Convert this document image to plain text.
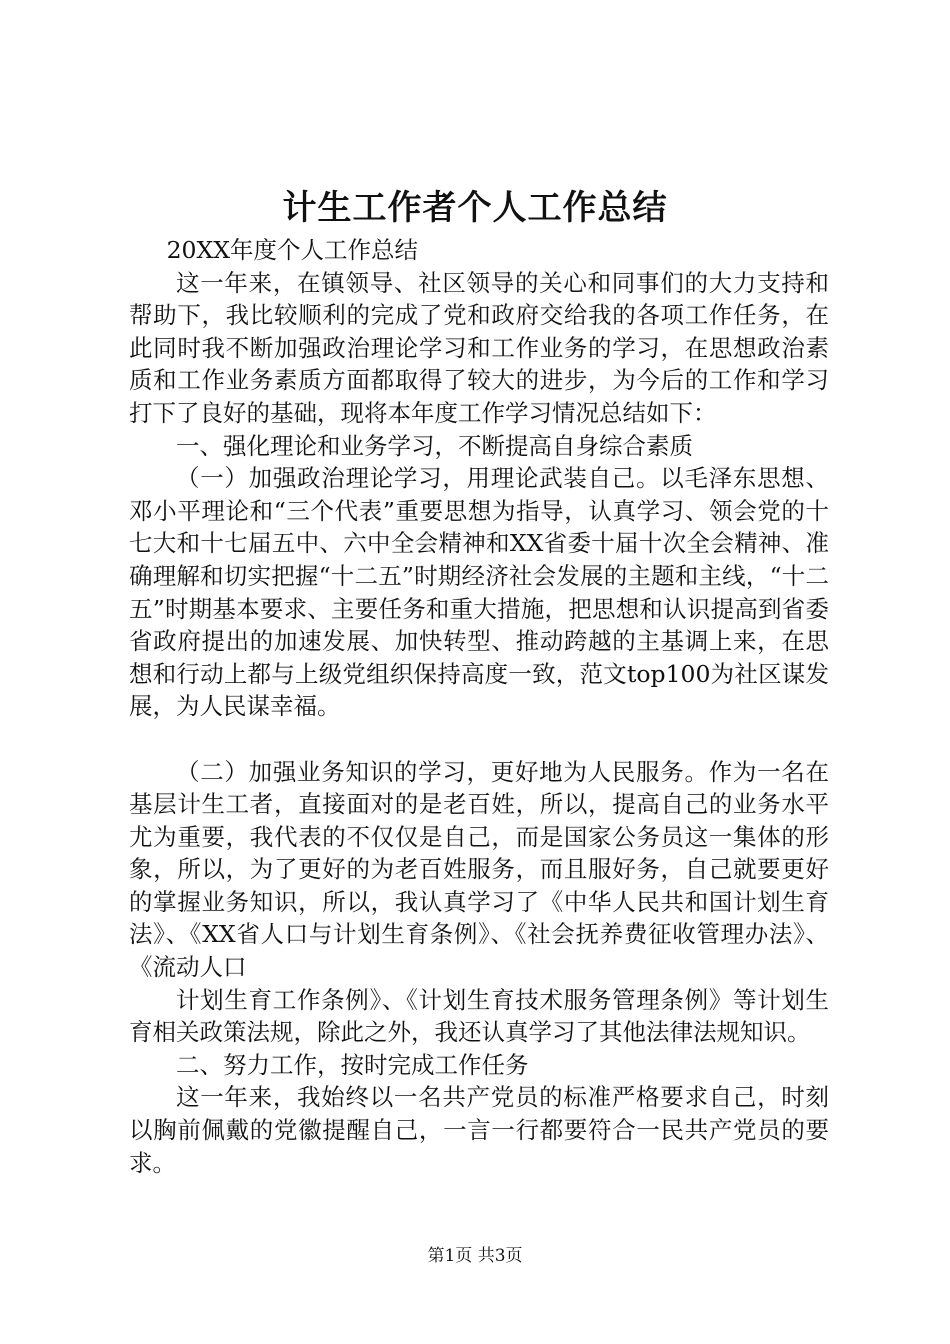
计生工作者个人工作总结

20XX年度个人工作总结

这一年来，在镇领导、社区领导的关心和同事们的大力支持和帮助下，我比较顺利的完成了党和政府交给我的各项工作任务，在此同时我不断加强政治理论学习和工作业务的学习，在思想政治素质和工作业务素质方面都取得了较大的进步，为今后的工作和学习打下了良好的基础，现将本年度工作学习情况总结如下：

一、强化理论和业务学习，不断提高自身综合素质

（一）加强政治理论学习，用理论武装自己。以毛泽东思想、邓小平理论和“三个代表”重要思想为指导，认真学习、领会党的十七大和十七届五中、六中全会精神和XX省委十届十次全会精神、准确理解和切实把握“十二五”时期经济社会发展的主题和主线，“十二五”时期基本要求、主要任务和重大措施，把思想和认识提高到省委省政府提出的加速发展、加快转型、推动跨越的主基调上来，在思想和行动上都与上级党组织保持高度一致，范文top100为社区谋发展，为人民谋幸福。

（二）加强业务知识的学习，更好地为人民服务。作为一名在基层计生工者，直接面对的是老百姓，所以，提高自己的业务水平尤为重要，我代表的不仅仅是自己，而是国家公务员这一集体的形象，所以，为了更好的为老百姓服务，而且服好务，自己就要更好的掌握业务知识，所以，我认真学习了《中华人民共和国计划生育法》、《XX省人口与计划生育条例》、《社会抚养费征收管理办法》、《流动人口

计划生育工作条例》、《计划生育技术服务管理条例》等计划生育相关政策法规，除此之外，我还认真学习了其他法律法规知识。

二、努力工作，按时完成工作任务

这一年来，我始终以一名共产党员的标准严格要求自己，时刻以胸前佩戴的党徽提醒自己，一言一行都要符合一民共产党员的要求。

第1页 共3页
